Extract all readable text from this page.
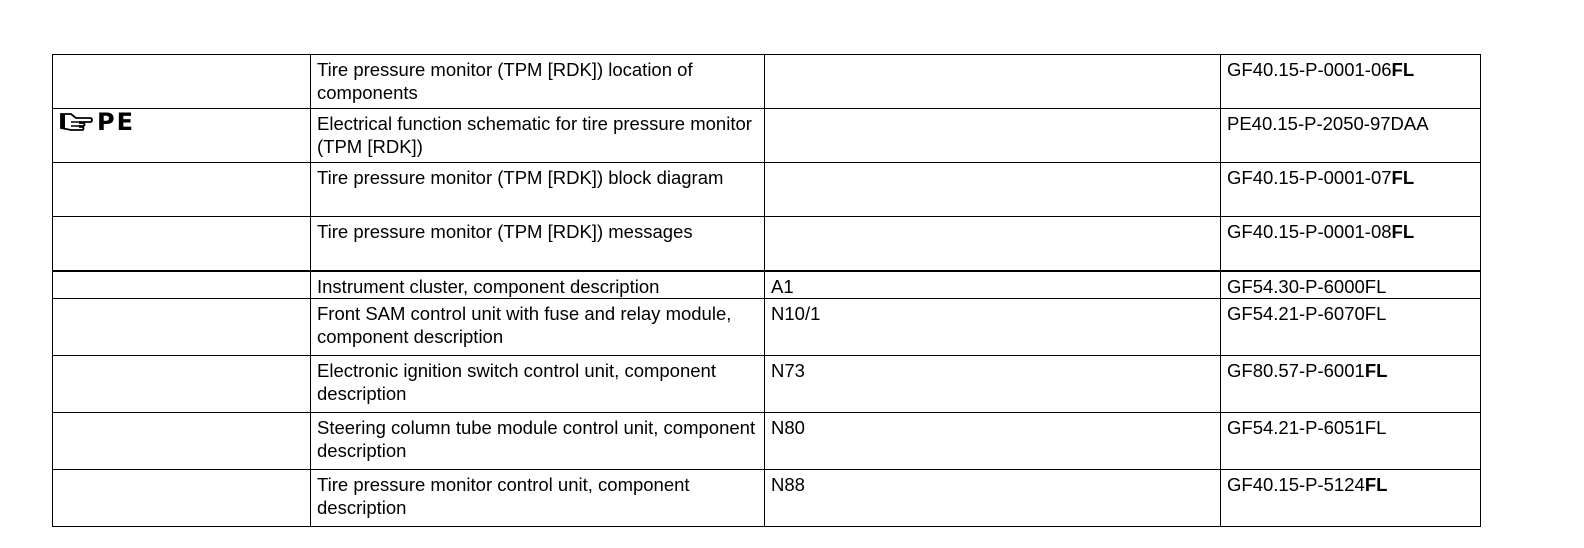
	Tire pressure monitor (TPM [RDK]) location of components		GF40.15-P-0001-06FL

PE	Electrical function schematic for tire pressure monitor (TPM [RDK])		PE40.15-P-2050-97DAA
	Tire pressure monitor (TPM [RDK]) block diagram		GF40.15-P-0001-07FL
	Tire pressure monitor (TPM [RDK]) messages		GF40.15-P-0001-08FL
	Instrument cluster, component description	A1	GF54.30-P-6000FL
	Front SAM control unit with fuse and relay module, component description	N10/1	GF54.21-P-6070FL
	Electronic ignition switch control unit, component description	N73	GF80.57-P-6001FL
	Steering column tube module control unit, component description	N80	GF54.21-P-6051FL
	Tire pressure monitor control unit, component description	N88	GF40.15-P-5124FL
